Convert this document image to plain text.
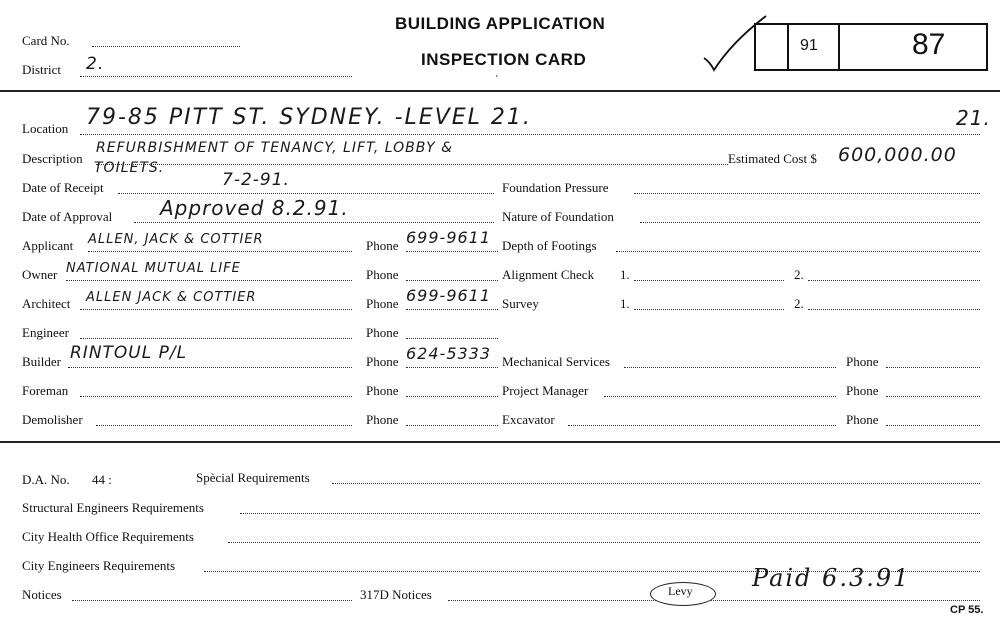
Card No.
District 2.
BUILDING APPLICATION
INSPECTION CARD
'
91	87
Location 79-85 PITT ST. SYDNEY. -LEVEL 21.	21.
Description
REFURBISHMENT OF TENANCY, LIFT, LOBBY &
TOILETS.
Estimated Cost $ 600,000.00
Date of Receipt	7-2-91.
Date of Approval Approved 8.2.91.
Applicant ALLEN, JACK & COTTIER	Phone 699-9611
Owner NATIONAL MUTUAL LIFE	Phone
Architect ALLEN JACK & COTTIER	Phone 699-9611
Engineer	Phone
Builder RINTOUL P/L	Phone 624-5333
Foreman	Phone
Demolisher	Phone
Foundation Pressure
Nature of Foundation
Depth of Footings
Alignment Check 1.	2.
Survey	1.	2.
Mechanical Services	Phone
Project Manager	Phone
Excavator	Phone
D.A. No. 44 :	Spècial Requirements
Structural Engineers Requirements
City Health Office Requirements
City Engineers Requirements
Notices	317D Notices	Levy Paid 6.3.91
CP 55.
